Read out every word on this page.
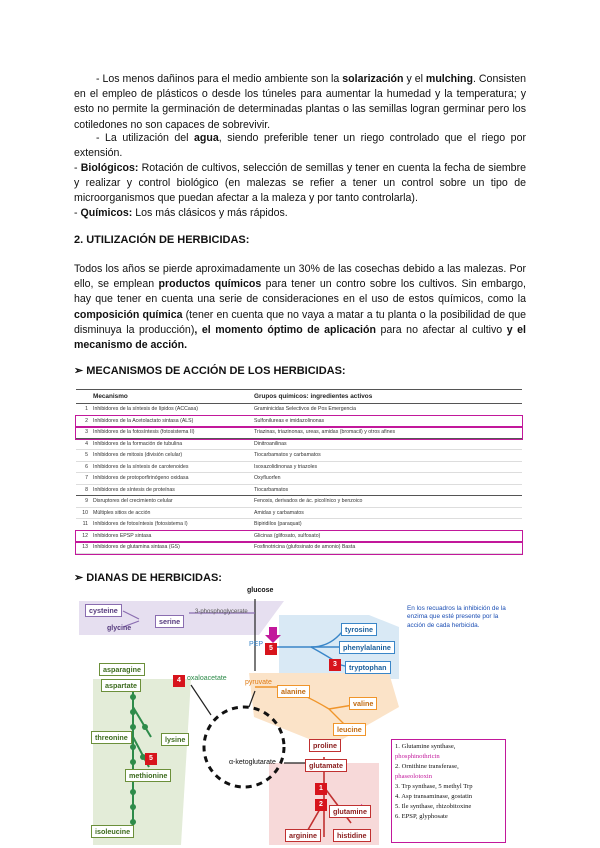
- Los menos dañinos para el medio ambiente son la solarización y el mulching. Consisten en el empleo de plásticos o desde los túneles para aumentar la humedad y la temperatura; y esto no permite la germinación de determinadas plantas o las semillas logran germinar pero los cotiledones no son capaces de sobrevivir.
- La utilización del agua, siendo preferible tener un riego controlado que el riego por extensión.
- Biológicos: Rotación de cultivos, selección de semillas y tener en cuenta la fecha de siembre y realizar y control biológico (en malezas se refier a tener un control sobre un tipo de microorganismos que puedan afectar a la maleza y por tanto controlarla).
- Químicos: Los más clásicos y más rápidos.
2. UTILIZACIÓN DE HERBICIDAS:
Todos los años se pierde aproximadamente un 30% de las cosechas debido a las malezas. Por ello, se emplean productos químicos para tener un contro sobre los cultivos. Sin embargo, hay que tener en cuenta una serie de consideraciones en el uso de estos químicos, como la composición química (tener en cuenta que no vaya a matar a tu planta o la posibilidad de que disminuya la producción), el momento óptimo de aplicación para no afectar al cultivo y el mecanismo de acción.
➢ MECANISMOS DE ACCIÓN DE LOS HERBICIDAS:
Mecanismo	Grupos químicos: ingredientes activos
1 Inhibidores de la síntesis de lípidos (ACCasa)	Graminicidas Selectivos de Pos Emergencia
2 Inhibidores de la Acetolactato sintasa (ALS)	Sulfonilureas e imidazolinonas
3 Inhibidores de la fotosíntesis (fotosistema II)	Triazinas, triazinonas, ureas, amidas (bromacil) y otros afines
4 Inhibidores de la formación de tubulina	Dinitroanilinas
5 Inhibidores de mitosis (división celular)	Tiocarbamatos y carbamatos
6 Inhibidores de la síntesis de carotenoides	Isoxazolidinonas y triazoles
7 Inhibidores de protoporfirinógeno oxidasa	Oxyfluorfen
8 Inhibidores de síntesis de proteínas	Tiocarbamatos
9 Disruptores del crecimiento celular	Fenoxis, derivados de ác. picolínico y benzoico
10 Múltiples sitios de acción	Amidas y carbamatos
11 Inhibidores de fotosíntesis (fotosistema I)	Bipiridilos (paraquat)
12 Inhibidores EPSP sintasa	Glicinas (glifosato, sulfosato)
13 Inhibidores de glutamina sintasa (GS)	Fosfinotricina (glufosinato de amonio) Basta
➢ DIANAS DE HERBICIDAS:
glucose
3-phosphoglycerate
cysteine
serine
glycine
PEP
5
tyrosine
phenylalanine
3	tryptophan
pyruvate
alanine
valine
leucine
asparagine
aspartate
4 oxaloacetate
threonine
5
lysine
methionine
isoleucine
α-ketoglutarate
proline
glutamate
1
2
glutamine
arginine	histidine
En los recuadros la inhibición de la enzima que esté presente por la acción de cada herbicida.
1. Glutamine synthase,
phosphinothricin
2. Ornithine transferase,
phaseolotoxin
3. Trp synthase, 5 methyl Trp
4. Asp transaminase, gostatin
5. Ile synthase, rhizobitoxine
6. EPSP, glyphosate
